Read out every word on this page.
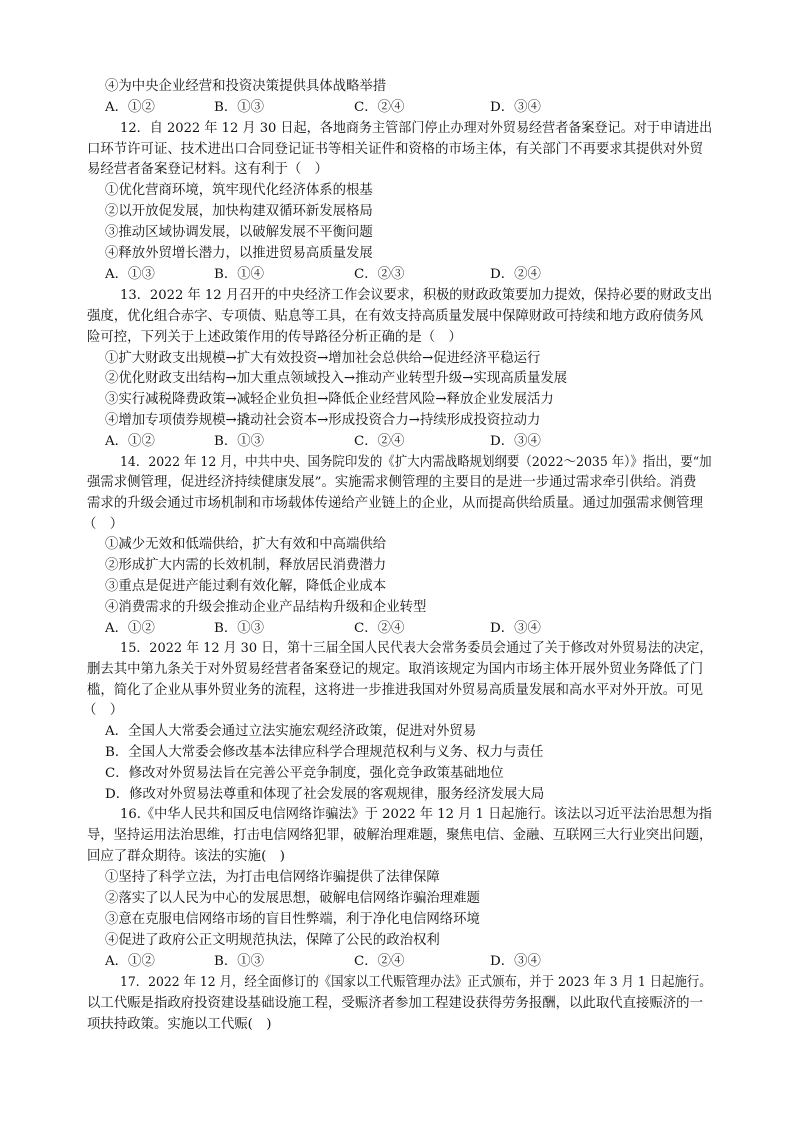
④为中央企业经营和投资决策提供具体战略举措
A．①②	B．①③	C．②④	D．③④
12．自 2022 年 12 月 30 日起，各地商务主管部门停止办理对外贸易经营者备案登记。对于申请进出
口环节许可证、技术进出口合同登记证书等相关证件和资格的市场主体，有关部门不再要求其提供对外贸
易经营者备案登记材料。这有利于（　）
①优化营商环境，筑牢现代化经济体系的根基
②以开放促发展，加快构建双循环新发展格局
③推动区域协调发展，以破解发展不平衡问题
④释放外贸增长潜力，以推进贸易高质量发展
A．①③	B．①④	C．②③	D．②④
13．2022 年 12 月召开的中央经济工作会议要求，积极的财政政策要加力提效，保持必要的财政支出
强度，优化组合赤字、专项债、贴息等工具，在有效支持高质量发展中保障财政可持续和地方政府债务风
险可控，下列关于上述政策作用的传导路径分析正确的是（　）
①扩大财政支出规模→扩大有效投资→增加社会总供给→促进经济平稳运行
②优化财政支出结构→加大重点领域投入→推动产业转型升级→实现高质量发展
③实行减税降费政策→减轻企业负担→降低企业经营风险→释放企业发展活力
④增加专项债券规模→撬动社会资本→形成投资合力→持续形成投资拉动力
A．①②	B．①③	C．②④	D．③④
14．2022 年 12 月，中共中央、国务院印发的《扩大内需战略规划纲要（2022～2035 年）》指出，要“加
强需求侧管理，促进经济持续健康发展”。实施需求侧管理的主要目的是进一步通过需求牵引供给。消费
需求的升级会通过市场机制和市场载体传递给产业链上的企业，从而提高供给质量。通过加强需求侧管理
（　）
①减少无效和低端供给，扩大有效和中高端供给
②形成扩大内需的长效机制，释放居民消费潜力
③重点是促进产能过剩有效化解，降低企业成本
④消费需求的升级会推动企业产品结构升级和企业转型
A．①②	B．①③	C．②④	D．③④
15．2022 年 12 月 30 日，第十三届全国人民代表大会常务委员会通过了关于修改对外贸易法的决定，
删去其中第九条关于对外贸易经营者备案登记的规定。取消该规定为国内市场主体开展外贸业务降低了门
槛，简化了企业从事外贸业务的流程，这将进一步推进我国对外贸易高质量发展和高水平对外开放。可见
（　）
A．全国人大常委会通过立法实施宏观经济政策，促进对外贸易
B．全国人大常委会修改基本法律应科学合理规范权利与义务、权力与责任
C．修改对外贸易法旨在完善公平竞争制度，强化竞争政策基础地位
D．修改对外贸易法尊重和体现了社会发展的客观规律，服务经济发展大局
16.《中华人民共和国反电信网络诈骗法》于 2022 年 12 月 1 日起施行。该法以习近平法治思想为指
导，坚持运用法治思维，打击电信网络犯罪，破解治理难题，聚焦电信、金融、互联网三大行业突出问题，
回应了群众期待。该法的实施(　)
①坚持了科学立法，为打击电信网络诈骗提供了法律保障
②落实了以人民为中心的发展思想，破解电信网络诈骗治理难题
③意在克服电信网络市场的盲目性弊端，利于净化电信网络环境
④促进了政府公正文明规范执法，保障了公民的政治权利
A．①②	B．①③	C．②④	D．③④
17．2022 年 12 月，经全面修订的《国家以工代赈管理办法》正式颁布，并于 2023 年 3 月 1 日起施行。
以工代赈是指政府投资建设基础设施工程，受赈济者参加工程建设获得劳务报酬，以此取代直接赈济的一
项扶持政策。实施以工代赈(　)
